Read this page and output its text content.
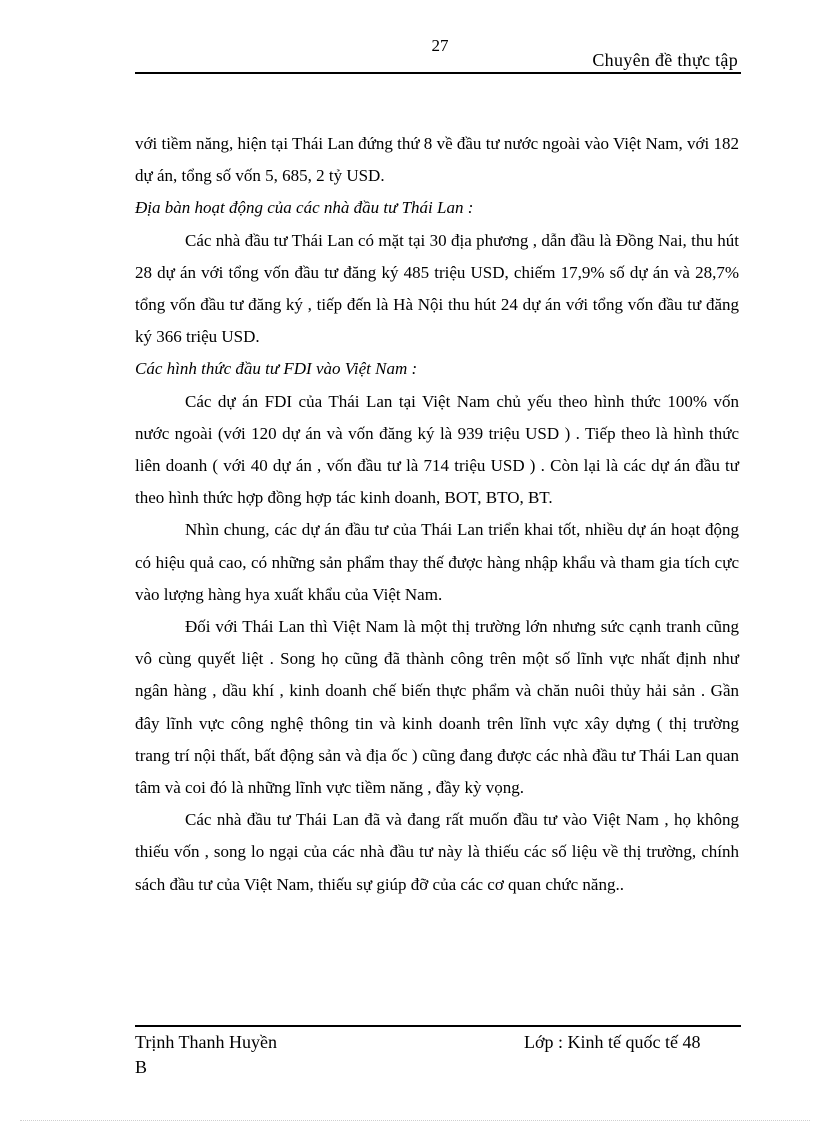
27
Chuyên đề thực tập

với tiềm năng, hiện tại Thái Lan đứng thứ 8 về đầu tư nước ngoài vào Việt Nam, với 182 dự án, tổng số vốn 5, 685, 2 tỷ USD.

Địa bàn hoạt động của các nhà đầu tư Thái Lan :

Các nhà đầu tư Thái Lan có mặt tại 30 địa phương , dẫn đầu là Đồng Nai, thu hút 28 dự án với tổng vốn đầu tư đăng ký 485 triệu USD, chiếm 17,9% số dự án và 28,7% tổng vốn đầu tư đăng ký , tiếp đến là Hà Nội thu hút 24 dự án với tổng vốn đầu tư đăng ký 366 triệu USD.

Các hình thức đầu tư FDI vào Việt Nam :

Các dự án FDI của Thái Lan tại Việt Nam chủ yếu theo hình thức 100% vốn nước ngoài (với 120 dự án và vốn đăng ký là 939 triệu USD ) . Tiếp theo là hình thức liên doanh ( với 40 dự án , vốn đầu tư là 714 triệu USD ) . Còn lại là các dự án đầu tư theo hình thức hợp đồng hợp tác kinh doanh, BOT, BTO, BT.

Nhìn chung, các dự án đầu tư của Thái Lan triển khai tốt, nhiều dự án hoạt động có hiệu quả cao, có những sản phẩm thay thế được hàng nhập khẩu và tham gia tích cực vào lượng hàng hya xuất khẩu của Việt Nam.

Đối với Thái Lan thì Việt Nam là một thị trường lớn nhưng sức cạnh tranh cũng vô cùng quyết liệt . Song họ cũng đã thành công trên một số lĩnh vực nhất định như ngân hàng , dầu khí , kinh doanh chế biến thực phẩm và chăn nuôi thủy hải sản . Gần đây lĩnh vực công nghệ thông tin và kinh doanh trên lĩnh vực xây dựng ( thị trường trang trí nội thất, bất động sản và địa ốc ) cũng đang được các nhà đầu tư Thái Lan quan tâm và coi đó là những lĩnh vực tiềm năng , đầy kỳ vọng.

Các nhà đầu tư Thái Lan đã và đang rất muốn đầu tư vào Việt Nam , họ không thiếu vốn , song lo ngại của các nhà đầu tư này là thiếu các số liệu về thị trường, chính sách đầu tư của Việt Nam, thiếu sự giúp đỡ của các cơ quan chức năng..

Trịnh Thanh Huyền
B
Lớp : Kinh tế quốc tế 48
